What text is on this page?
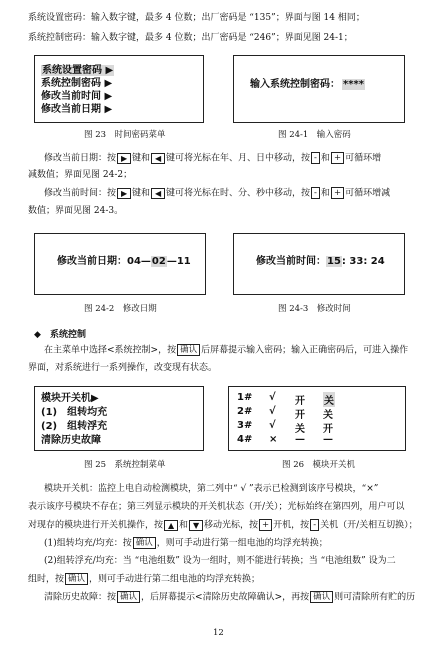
系统设置密码：输入数字键，最多 4 位数；出厂密码是 “135”；界面与图 14 相同；
系统控制密码：输入数字键，最多 4 位数；出厂密码是 “246”；界面见图 24-1；
系统设置密码 ▶
系统控制密码 ▶
修改当前时间 ▶
修改当前日期 ▶
图 23　时间密码菜单
输入系统控制密码： ****
图 24-1　输入密码
修改当前日期：按 ▶ 键和 ◀ 键可将光标在年、月、日中移动，按 - 和 + 可循环增
减数值；界面见图 24-2；
修改当前时间：按 ▶ 键和 ◀ 键可将光标在时、分、秒中移动，按 - 和 + 可循环增减
数值；界面见图 24-3。
修改当前日期：04—02—11
图 24-2　修改日期
修改当前时间：15: 33: 24
图 24-3　修改时间
◆　 系统控制
在主菜单中选择<系统控制>，按 确认 后屏幕提示输入密码；输入正确密码后，可进入操作
界面，对系统进行一系列操作，改变现有状态。
模块开关机▶
(1)　组转均充
(2)　组转浮充
清除历史故障
图 25　系统控制菜单
1# √ 开 关
2# √ 开 关
3# √ 关 开
4# × — —
图 26　模块开关机
模块开关机：监控上电自动检测模块，第二列中“ √ ”表示已检测到该序号模块，“×”
表示该序号模块不存在；第三列显示模块的开关机状态（开/关）；光标始终在第四列，用户可以
对现存的模块进行开关机操作，按 ▲ 和 ▼ 移动光标，按 + 开机，按 - 关机（开/关相互切换）；
(1)组转均充/均充：按 确认 ，则可手动进行第一组电池的均浮充转换；
(2)组转浮充/均充：当 “电池组数” 设为一组时，则不能进行转换；当 “电池组数” 设为二
组时，按 确认 ，则可手动进行第二组电池的均浮充转换；
清除历史故障：按 确认 ，后屏幕提示<清除历史故障确认>，再按 确认 则可清除所有贮的历
12
